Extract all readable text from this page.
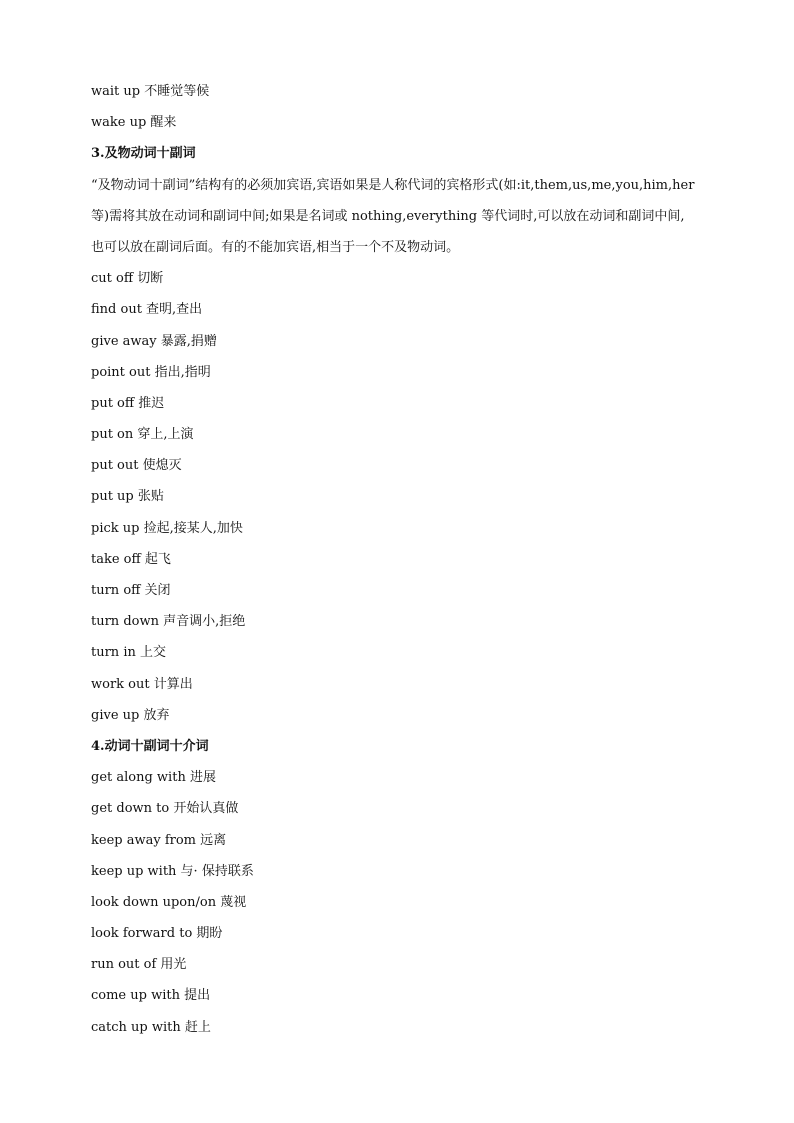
wait up 不睡觉等候
wake up 醒来
3.及物动词十副词
“及物动词十副词”结构有的必须加宾语,宾语如果是人称代词的宾格形式(如:it,them,us,me,you,him,her
等)需将其放在动词和副词中间;如果是名词或 nothing,everything 等代词时,可以放在动词和副词中间,
也可以放在副词后面。有的不能加宾语,相当于一个不及物动词。
cut off 切断
find out 查明,查出
give away 暴露,捐赠
point out 指出,指明
put off 推迟
put on 穿上,上演
put out 使熄灭
put up 张贴
pick up 捡起,接某人,加快
take off 起飞
turn off 关闭
turn down 声音调小,拒绝
turn in 上交
work out 计算出
give up 放弃
4.动词十副词十介词
get along with 进展
get down to 开始认真做
keep away from 远离
keep up with 与· 保持联系
look down upon/on 蔑视
look forward to 期盼
run out of 用光
come up with 提出
catch up with 赶上
